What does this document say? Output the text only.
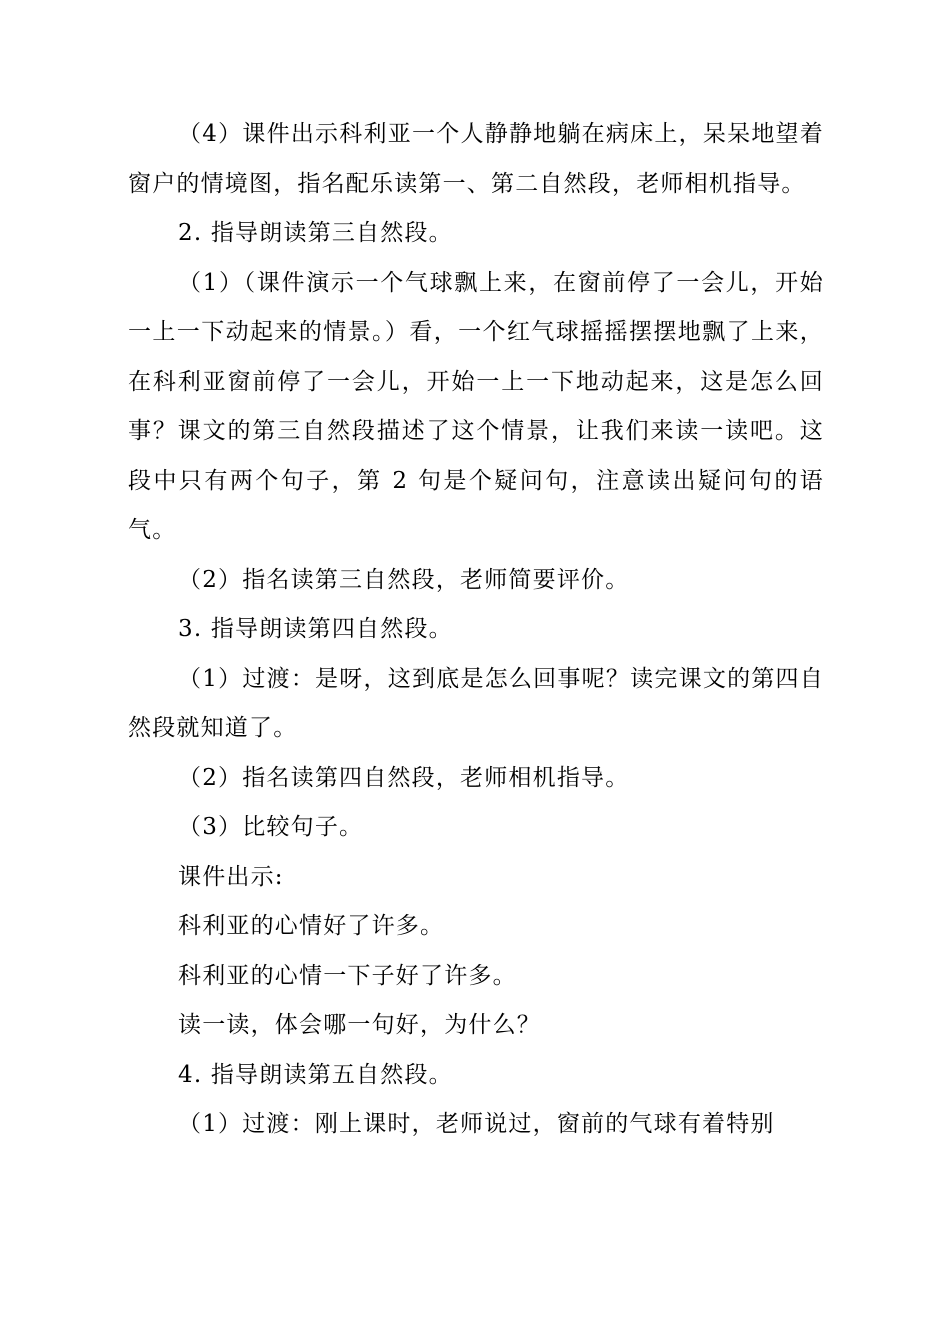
（4）课件出示科利亚一个人静静地躺在病床上，呆呆地望着窗户的情境图，指名配乐读第一、第二自然段，老师相机指导。

2. 指导朗读第三自然段。

（1）（课件演示一个气球飘上来，在窗前停了一会儿，开始一上一下动起来的情景。）看，一个红气球摇摇摆摆地飘了上来，在科利亚窗前停了一会儿，开始一上一下地动起来，这是怎么回事？课文的第三自然段描述了这个情景，让我们来读一读吧。这段中只有两个句子，第 2 句是个疑问句，注意读出疑问句的语气。

（2）指名读第三自然段，老师简要评价。

3. 指导朗读第四自然段。

（1）过渡：是呀，这到底是怎么回事呢？读完课文的第四自然段就知道了。

（2）指名读第四自然段，老师相机指导。

（3）比较句子。

课件出示:

科利亚的心情好了许多。

科利亚的心情一下子好了许多。

读一读，体会哪一句好，为什么？

4. 指导朗读第五自然段。

（1）过渡：刚上课时，老师说过，窗前的气球有着特别
